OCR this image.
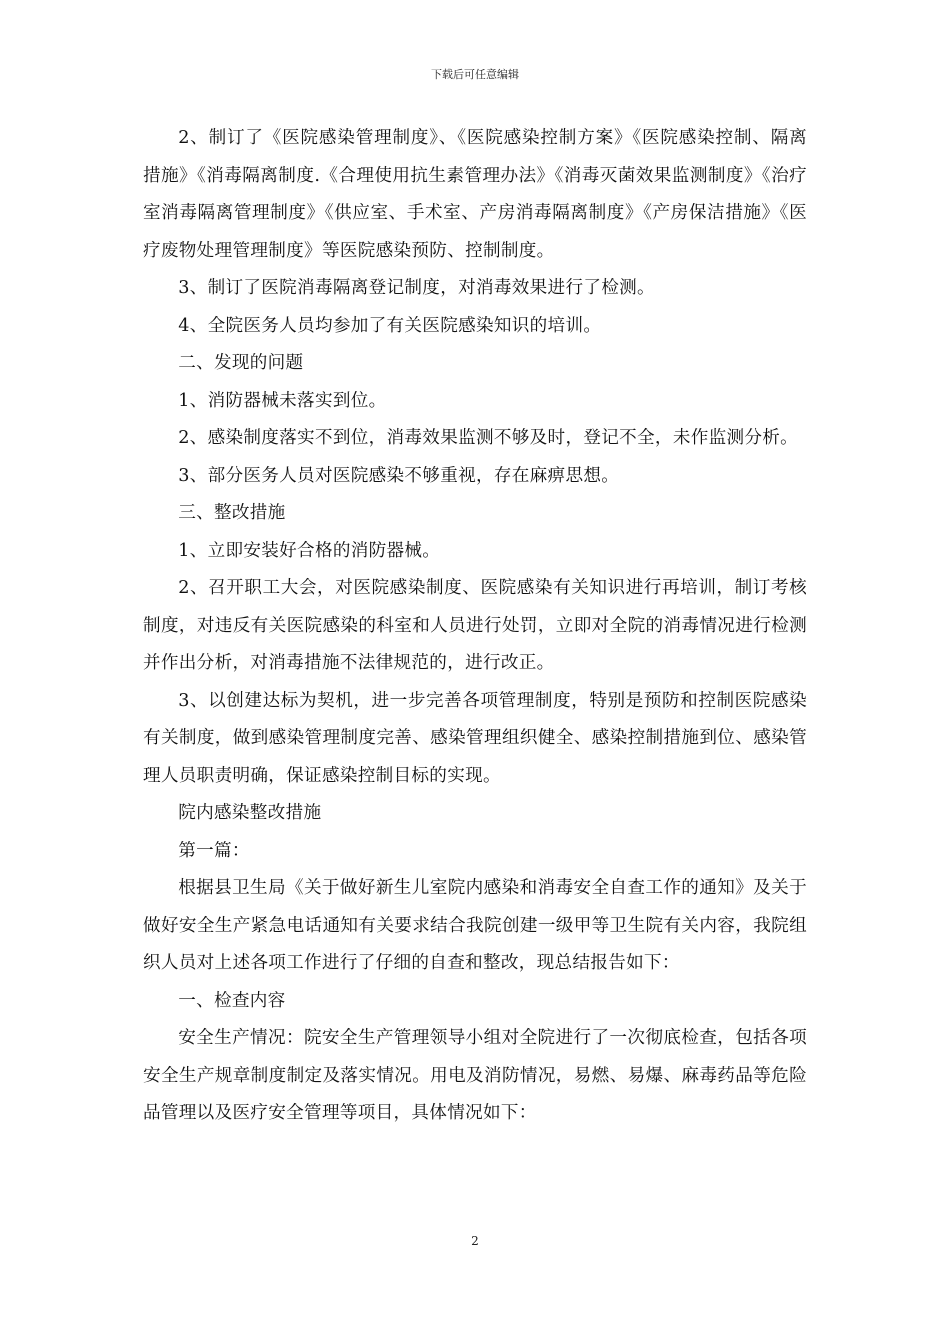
下载后可任意编辑

2、制订了《医院感染管理制度》、《医院感染控制方案》《医院感染控制、隔离措施》《消毒隔离制度.《合理使用抗生素管理办法》《消毒灭菌效果监测制度》《治疗室消毒隔离管理制度》《供应室、手术室、产房消毒隔离制度》《产房保洁措施》《医疗废物处理管理制度》等医院感染预防、控制制度。

3、制订了医院消毒隔离登记制度，对消毒效果进行了检测。

4、全院医务人员均参加了有关医院感染知识的培训。

二、发现的问题

1、消防器械未落实到位。

2、感染制度落实不到位，消毒效果监测不够及时，登记不全，未作监测分析。

3、部分医务人员对医院感染不够重视，存在麻痹思想。

三、整改措施

1、立即安装好合格的消防器械。

2、召开职工大会，对医院感染制度、医院感染有关知识进行再培训，制订考核制度，对违反有关医院感染的科室和人员进行处罚，立即对全院的消毒情况进行检测并作出分析，对消毒措施不法律规范的，进行改正。

3、以创建达标为契机，进一步完善各项管理制度，特别是预防和控制医院感染有关制度，做到感染管理制度完善、感染管理组织健全、感染控制措施到位、感染管理人员职责明确，保证感染控制目标的实现。

院内感染整改措施

第一篇：

根据县卫生局《关于做好新生儿室院内感染和消毒安全自查工作的通知》及关于做好安全生产紧急电话通知有关要求结合我院创建一级甲等卫生院有关内容，我院组织人员对上述各项工作进行了仔细的自查和整改，现总结报告如下：

一、检查内容

安全生产情况：院安全生产管理领导小组对全院进行了一次彻底检查，包括各项安全生产规章制度制定及落实情况。用电及消防情况，易燃、易爆、麻毒药品等危险品管理以及医疗安全管理等项目，具体情况如下：

2
